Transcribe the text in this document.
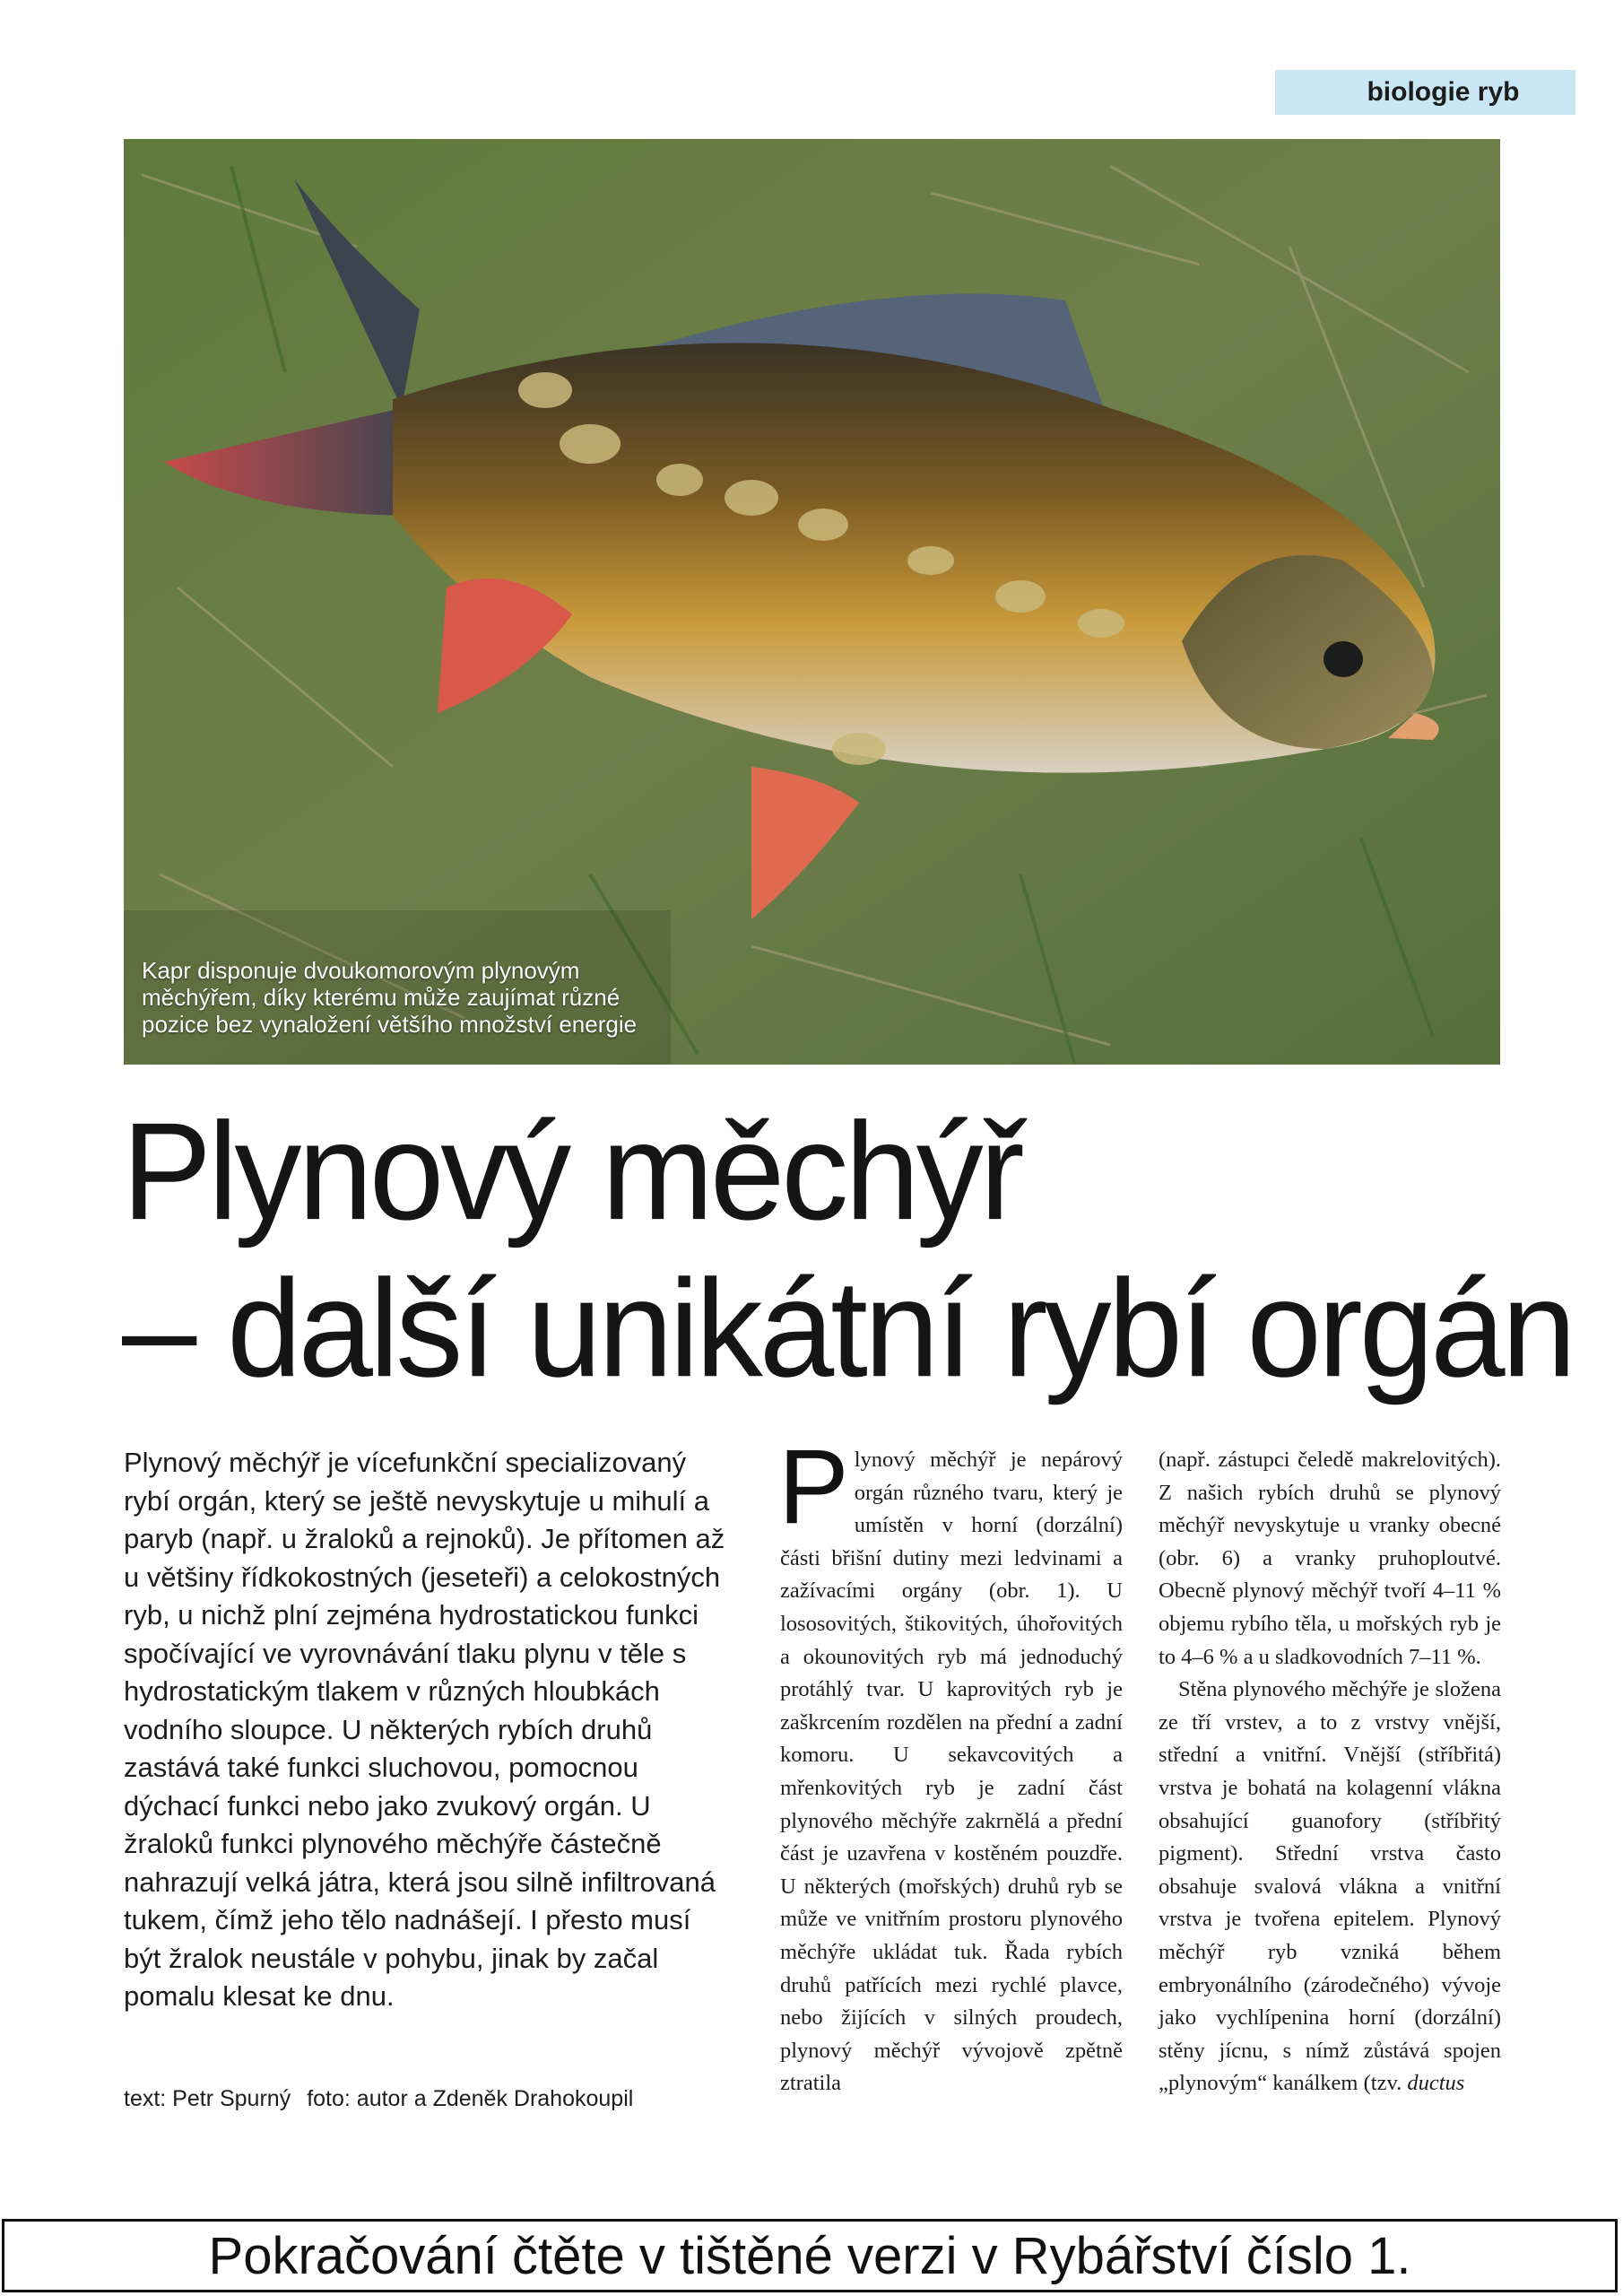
biologie ryb
Kapr disponuje dvoukomorovým plynovým měchýřem, díky kterému může zaujímat různé pozice bez vynaložení většího množství energie
Plynový měchýř
– další unikátní rybí orgán

Plynový měchýř je vícefunkční specializovaný rybí orgán, který se ještě nevyskytuje u mihulí a paryb (např. u žraloků a rejnoků). Je přítomen až u většiny řídkokostných (jeseteři) a celokostných ryb, u nichž plní zejména hydrostatickou funkci spočívající ve vyrovnávání tlaku plynu v těle s hydrostatickým tlakem v různých hloubkách vodního sloupce. U některých rybích druhů zastává také funkci sluchovou, pomocnou dýchací funkci nebo jako zvukový orgán. U žraloků funkci plynového měchýře částečně nahrazují velká játra, která jsou silně infiltrovaná tukem, čímž jeho tělo nadnášejí. I přesto musí být žralok neustále v pohybu, jinak by začal pomalu klesat ke dnu.

text: Petr Spurný foto: autor a Zdeněk Drahokoupil

Plynový měchýř je nepárový orgán různého tvaru, který je umístěn v horní (dorzální) části břišní dutiny mezi ledvinami a zažívacími orgány (obr. 1). U lososovitých, štikovitých, úhořovitých a okounovitých ryb má jednoduchý protáhlý tvar. U kaprovitých ryb je zaškrcením rozdělen na přední a zadní komoru. U sekavcovitých a mřenkovitých ryb je zadní část plynového měchýře zakrnělá a přední část je uzavřena v kostěném pouzdře. U některých (mořských) druhů ryb se může ve vnitřním prostoru plynového měchýře ukládat tuk. Řada rybích druhů patřících mezi rychlé plavce, nebo žijících v silných proudech, plynový měchýř vývojově zpětně ztratila

(např. zástupci čeledě makrelovitých). Z našich rybích druhů se plynový měchýř nevyskytuje u vranky obecné (obr. 6) a vranky pruhoploutvé. Obecně plynový měchýř tvoří 4–11 % objemu rybího těla, u mořských ryb je to 4–6 % a u sladkovodních 7–11 %.

Stěna plynového měchýře je složena ze tří vrstev, a to z vrstvy vnější, střední a vnitřní. Vnější (stříbřitá) vrstva je bohatá na kolagenní vlákna obsahující guanofory (stříbřitý pigment). Střední vrstva často obsahuje svalová vlákna a vnitřní vrstva je tvořena epitelem. Plynový měchýř ryb vzniká během embryonálního (zárodečného) vývoje jako vychlípenina horní (dorzální) stěny jícnu, s nímž zůstává spojen „plynovým“ kanálkem (tzv. ductus

Pokračování čtěte v tištěné verzi v Rybářství číslo 1.
